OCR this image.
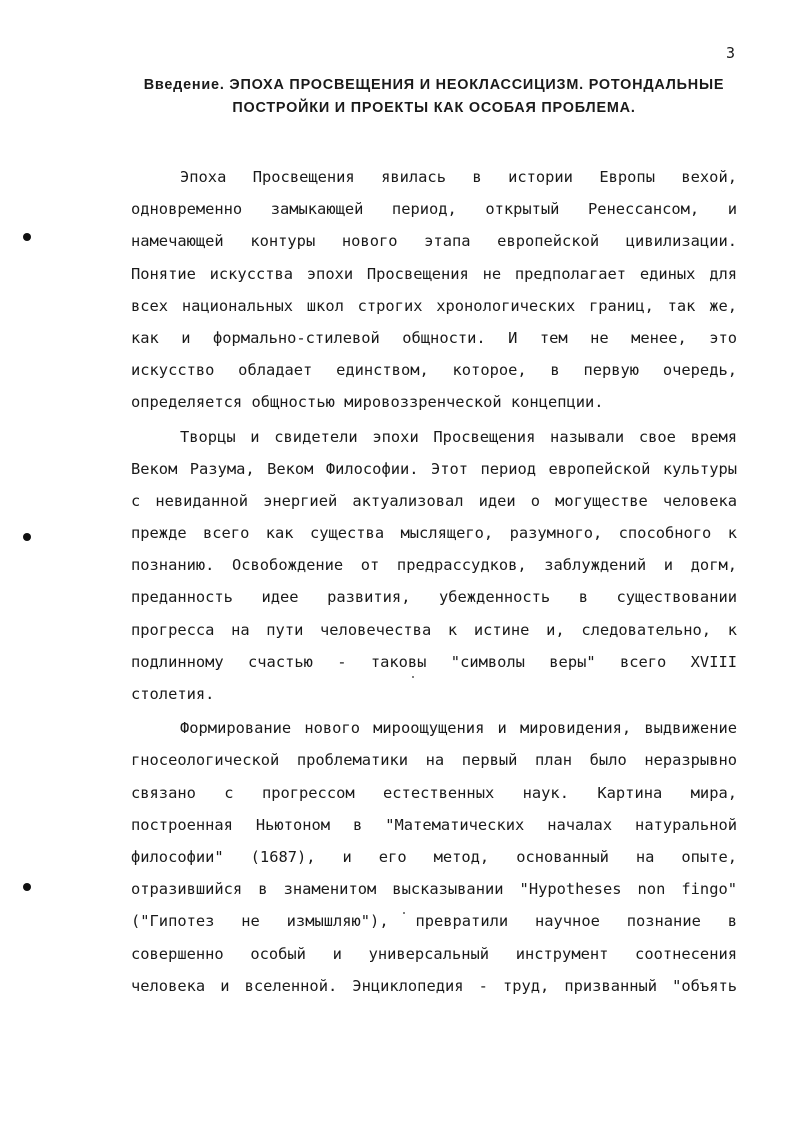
3
Введение. ЭПОХА ПРОСВЕЩЕНИЯ И НЕОКЛАССИЦИЗМ. РОТОНДАЛЬНЫЕ
ПОСТРОЙКИ И ПРОЕКТЫ КАК ОСОБАЯ ПРОБЛЕМА.
Эпоха Просвещения явилась в истории Европы вехой,
одновременно замыкающей период, открытый Ренессансом, и
намечающей контуры нового этапа европейской цивилизации.
Понятие искусства эпохи Просвещения не предполагает единых для
всех национальных школ строгих хронологических границ, так же,
как и формально-стилевой общности. И тем не менее, это
искусство обладает единством, которое, в первую очередь,
определяется общностью мировоззренческой концепции.
Творцы и свидетели эпохи Просвещения называли свое время
Веком Разума, Веком Философии. Этот период европейской культуры
с невиданной энергией актуализовал идеи о могуществе человека
прежде всего как существа мыслящего, разумного, способного к
познанию. Освобождение от предрассудков, заблуждений и догм,
преданность идее развития, убежденность в существовании
прогресса на пути человечества к истине и, следовательно, к
подлинному счастью - таковы "символы веры" всего XVIII
столетия.
Формирование нового мироощущения и мировидения, выдвижение
гносеологической проблематики на первый план было неразрывно
связано с прогрессом естественных наук. Картина мира,
построенная Ньютоном в "Математических началах натуральной
философии" (1687), и его метод, основанный на опыте,
отразившийся в знаменитом высказывании "Hypotheses non fingo"
("Гипотез не измышляю"), превратили научное познание в
совершенно особый и универсальный инструмент соотнесения
человека и вселенной. Энциклопедия - труд, призванный "объять
